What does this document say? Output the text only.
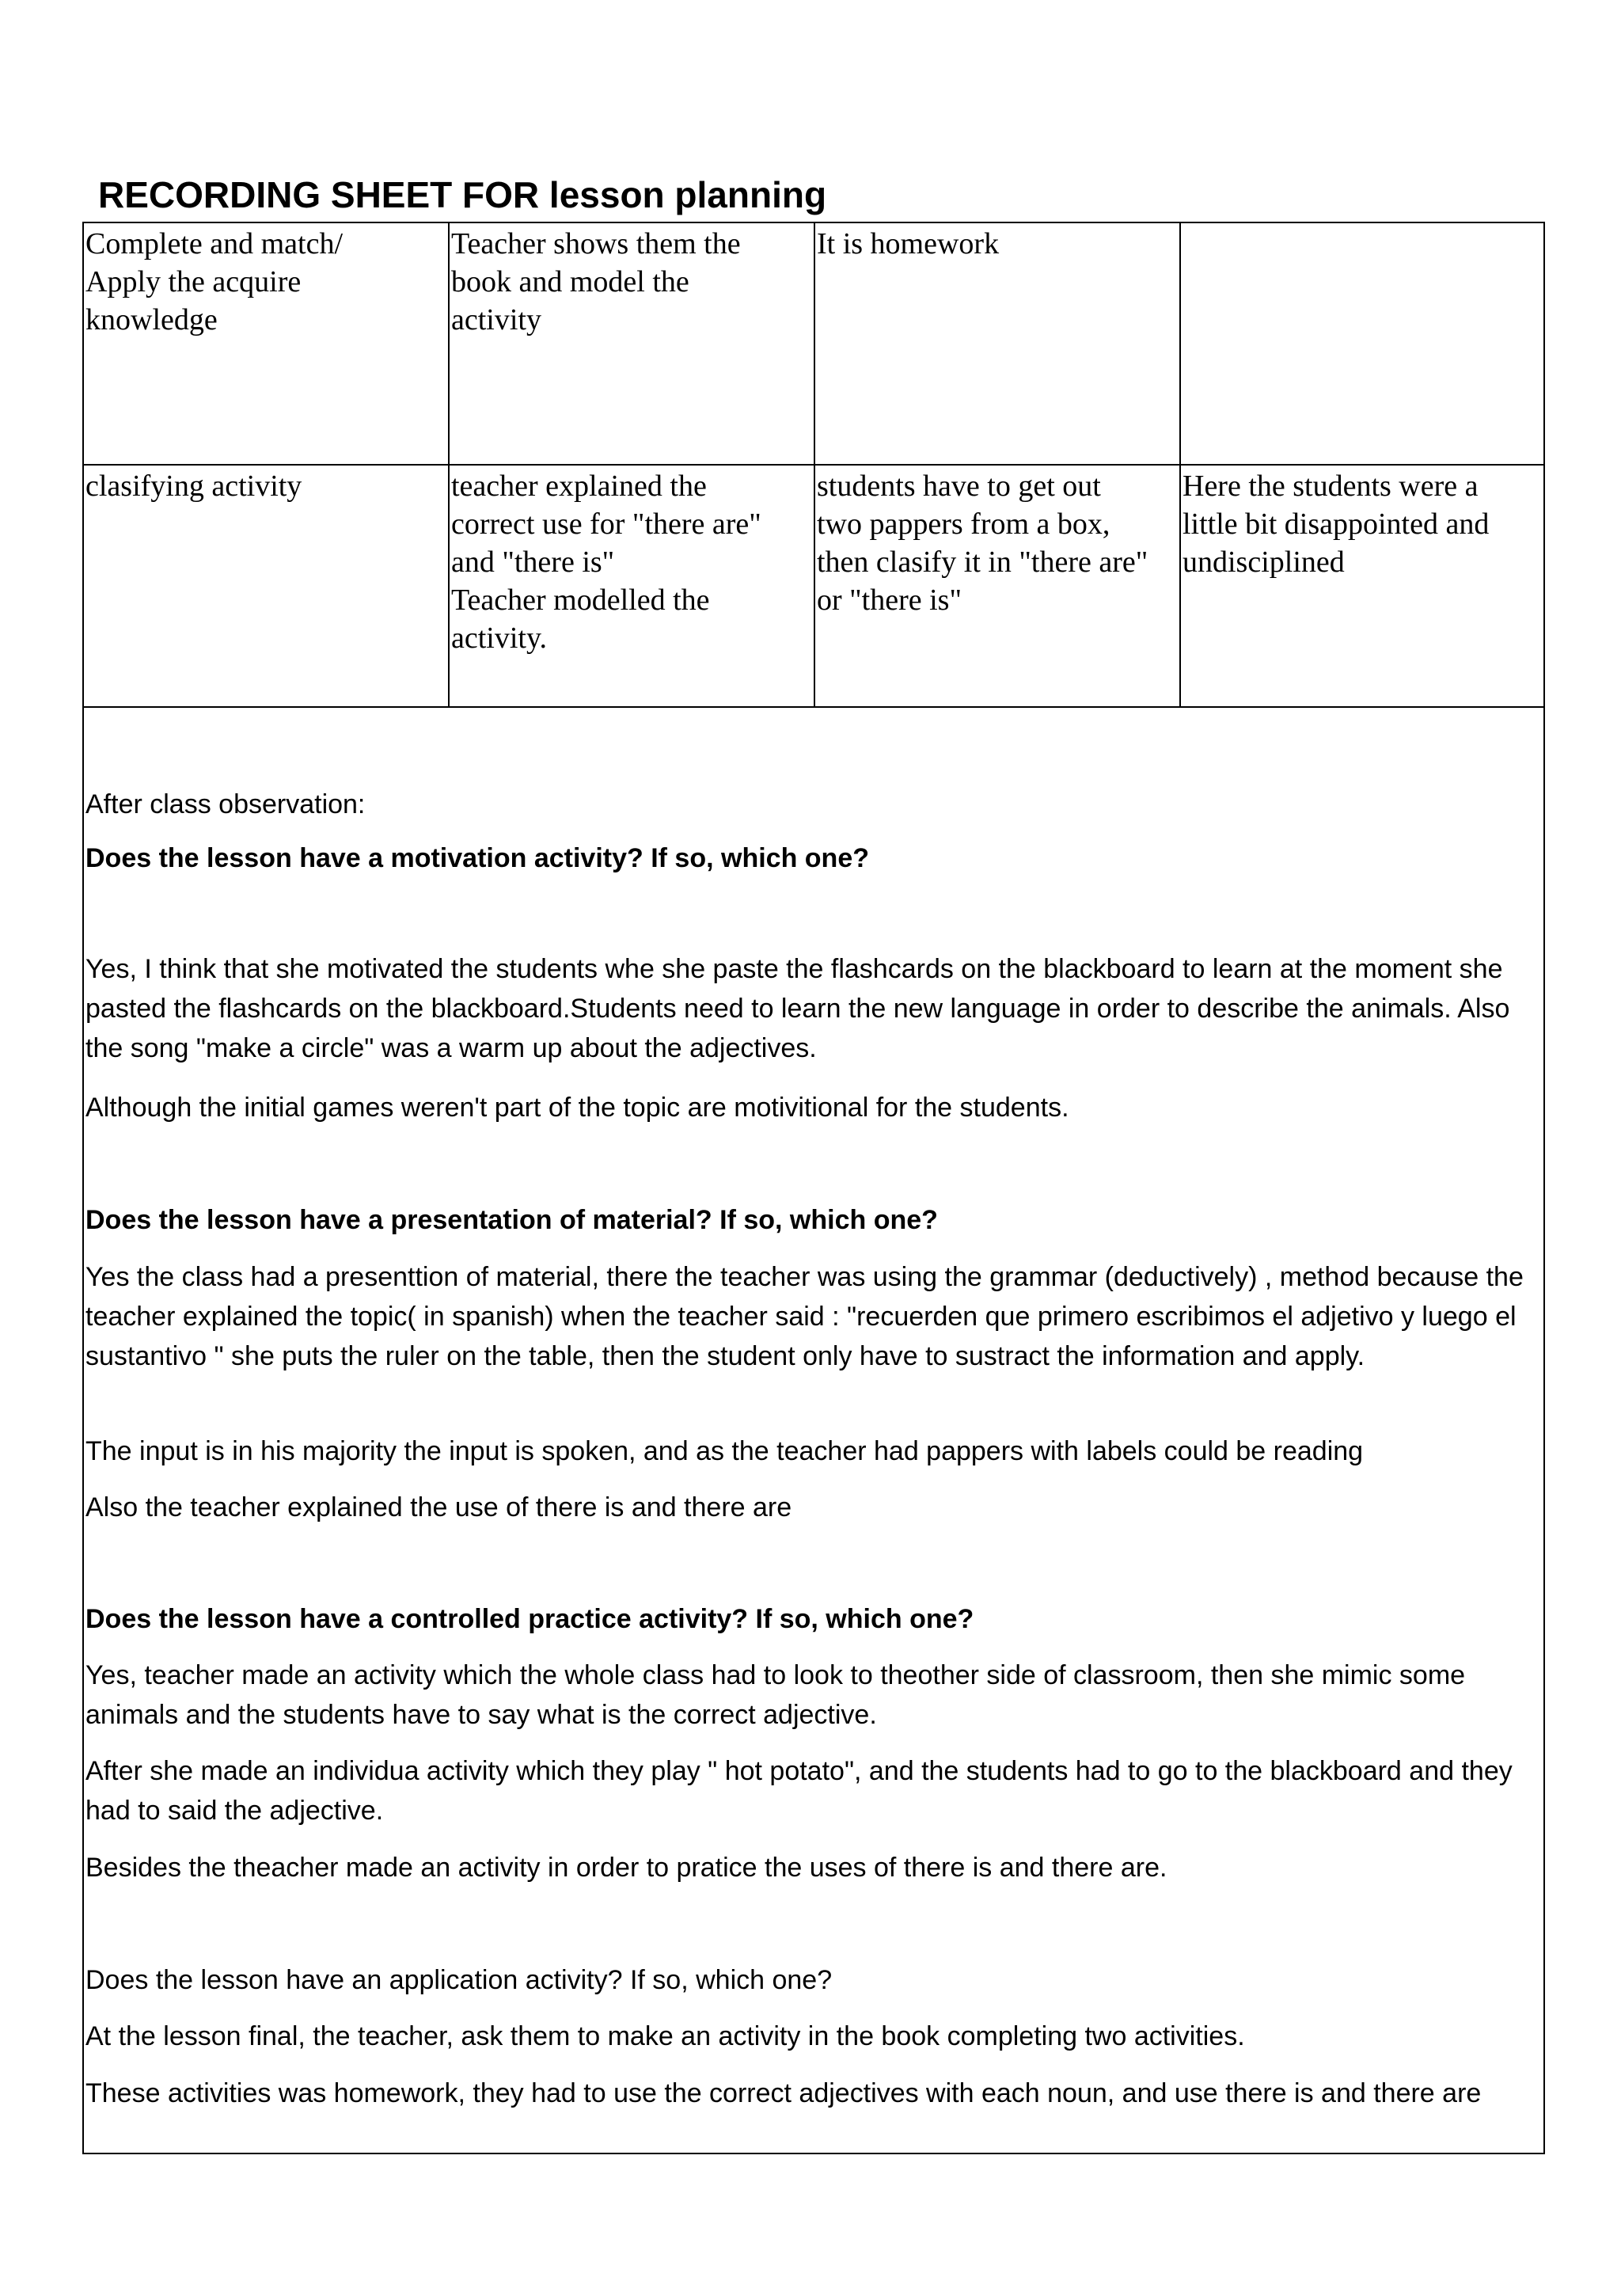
RECORDING SHEET FOR lesson planning
Complete and match/
Apply the acquire
knowledge
Teacher shows them the
book and model the
activity
It is homework
clasifying activity	teacher explained the
correct use for "there are"
and "there is"
Teacher modelled the
activity.
students have to get out
two pappers from a box,
then clasify it in "there are"
or "there is"
Here the students were a
little bit disappointed and
undisciplined
After class observation:
Does the lesson have a motivation activity? If so, which one?
Yes, I think that she motivated the students whe she paste the flashcards on the blackboard to learn at the moment she pasted the flashcards on the blackboard.Students need to learn the new language in order to describe the animals. Also the song "make a circle" was a warm up about the adjectives.
Although the initial games weren't part of the topic are motivitional for the students.
Does the lesson have a presentation of material? If so, which one?
Yes the class had a presenttion of material, there the teacher was using the grammar (deductively) , method because the teacher explained the topic( in spanish) when the teacher said : "recuerden que primero escribimos el adjetivo y luego el sustantivo " she puts the ruler on the table, then the student only have to sustract the information and apply.
The input is in his majority the input is spoken, and as the teacher had pappers with labels could be reading
Also the teacher explained the use of there is and there are
Does the lesson have a controlled practice activity? If so, which one?
Yes, teacher made an activity which the whole class had to look to theother side of classroom, then she mimic some animals and the students have to say what is the correct adjective.
After she made an individua activity which they play " hot potato", and the students had to go to the blackboard and they had to said the adjective.
Besides the theacher made an activity in order to pratice the uses of there is and there are.
Does the lesson have an application activity? If so, which one?
At the lesson final, the teacher, ask them to make an activity in the book completing two activities.
These activities was homework, they had to use the correct adjectives with each noun, and use there is and there are
